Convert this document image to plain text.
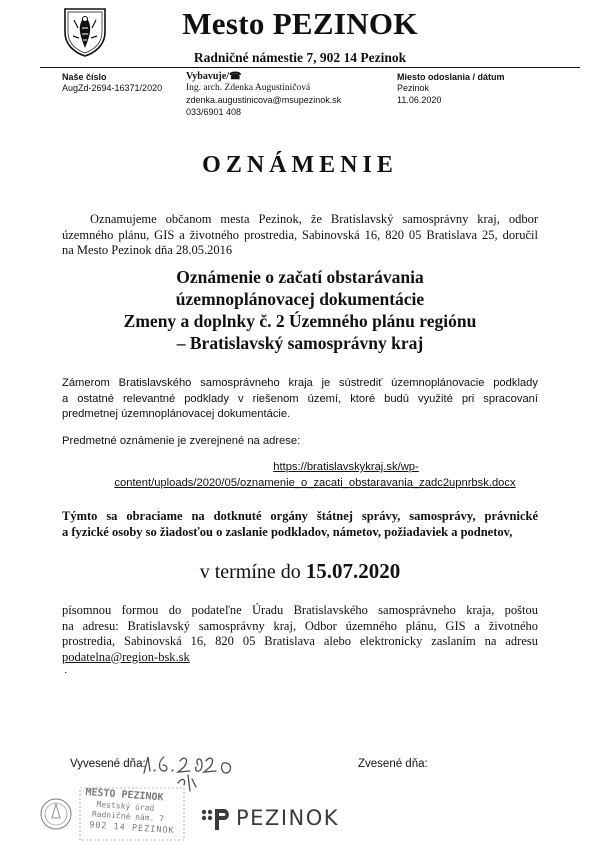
Mesto PEZINOK
Radničné námestie 7, 902 14 Pezinok
Naše číslo
AugZd-2694-16371/2020
Vybavuje/☎
Ing. arch. Zdenka Augustiničová
zdenka.augustinicova@msupezinok.sk
033/6901 408
Miesto odoslania / dátum
Pezinok
11.06.2020
OZNÁMENIE
Oznamujeme občanom mesta Pezinok, že Bratislavský samosprávny kraj, odbor
územného plánu, GIS a životného prostredia, Sabinovská 16, 820 05 Bratislava 25, doručil
na Mesto Pezinok dňa 28.05.2016
Oznámenie o začatí obstarávania
územnoplánovacej dokumentácie
Zmeny a doplnky č. 2 Územného plánu regiónu
– Bratislavský samosprávny kraj
Zámerom Bratislavského samosprávneho kraja je sústrediť územnoplánovacie podklady
a ostatné relevantné podklady v riešenom území, ktoré budú využité pri spracovaní
predmetnej územnoplánovacej dokumentácie.
Predmetné oznámenie je zverejnené na adrese:
https://bratislavskykraj.sk/wp-
content/uploads/2020/05/oznamenie_o_zacati_obstaravania_zadc2upnrbsk.docx
Týmto sa obraciame na dotknuté orgány štátnej správy, samosprávy, právnické
a fyzické osoby so žiadosťou o zaslanie podkladov, námetov, požiadaviek a podnetov,
v termíne do 15.07.2020
písomnou formou do podateľne Úradu Bratislavského samosprávneho kraja, poštou
na adresu: Bratislavský samosprávny kraj, Odbor územného plánu, GIS a životného
prostredia, Sabinovská 16, 820 05 Bratislava alebo elektronicky zaslaním na adresu
podatelna@region-bsk.sk
·
Vyvesené dňa:	Zvesené dňa:
MESTO PEZINOK
Mestský úrad
Radničné nám. 7
902 14 PEZINOK	PEZINOK
